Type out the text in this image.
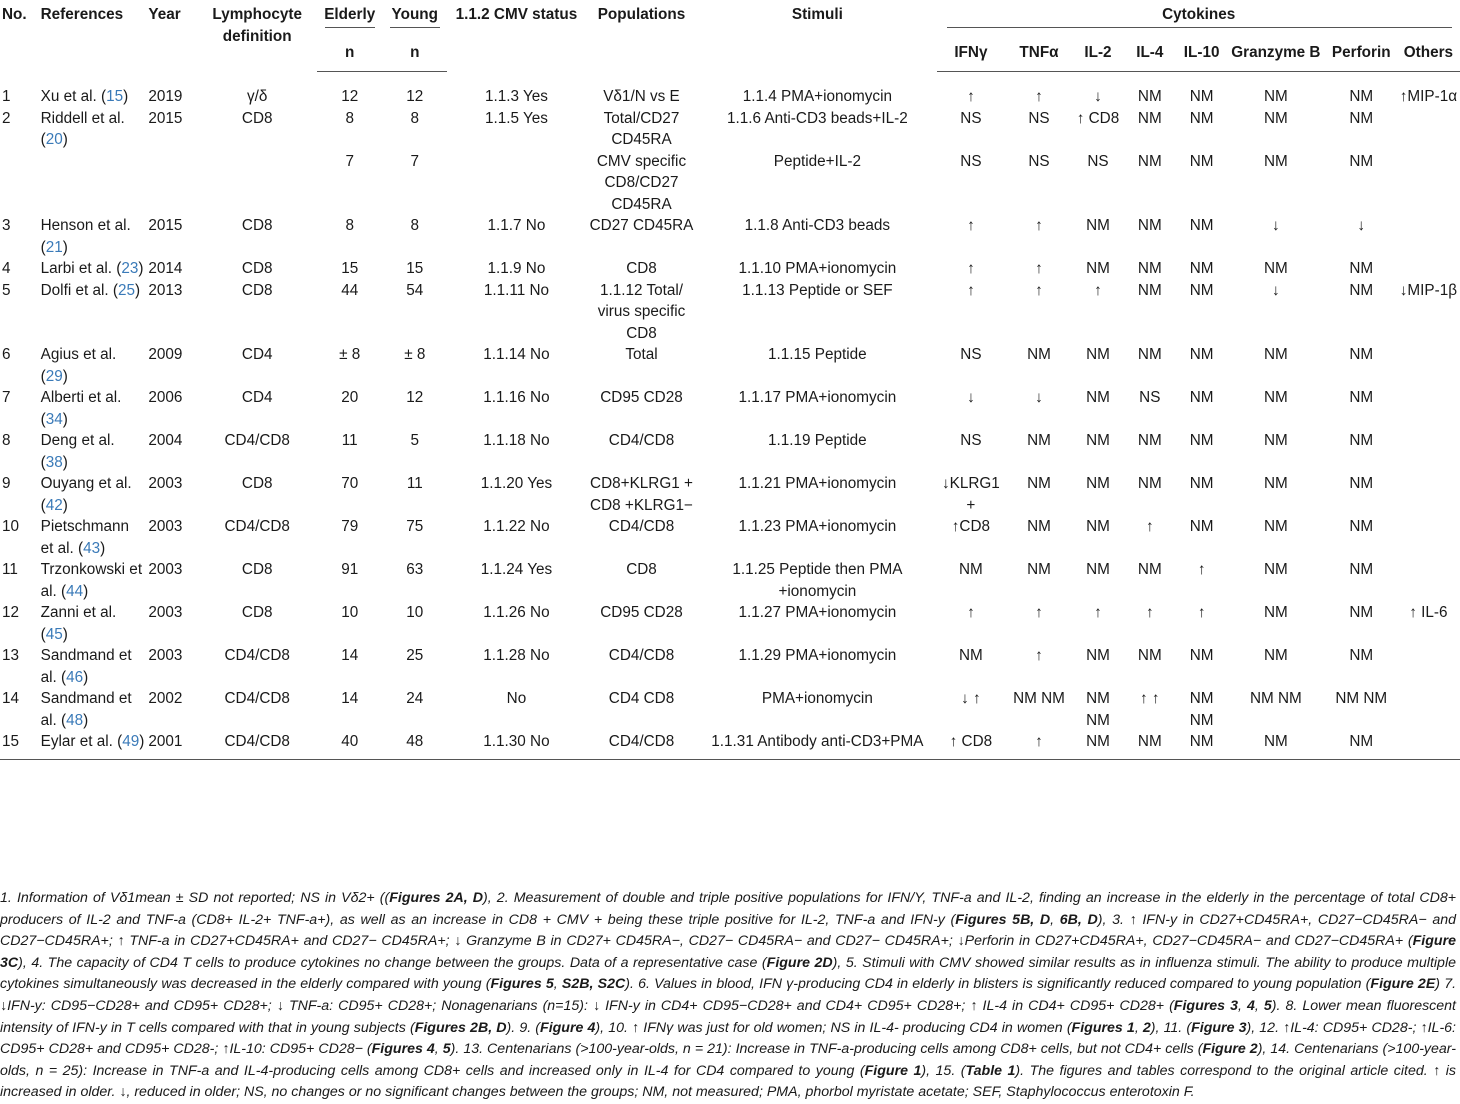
No.	References	Year	Lymphocyte definition	Elderly	Young	1.1.2 CMV status	Populations	Stimuli	Cytokines							

				n	n				IFNγ	TNFα	IL-2	IL-4	IL-10	Granzyme B	Perforin	Others
1	Xu et al. (15)	2019	γ/δ	12	12	1.1.3 Yes	Vδ1/N vs E	1.1.4 PMA+ionomycin	↑	↑	↓	NM	NM	NM	NM	↑MIP-1α
2	Riddell et al. (20)	2015	CD8	8	8	1.1.5 Yes	Total/CD27 CD45RA	1.1.6 Anti-CD3 beads+IL-2	NS	NS	↑ CD8	NM	NM	NM	NM	
				7	7		CMV specific CD8/CD27 CD45RA	Peptide+IL-2	NS	NS	NS	NM	NM	NM	NM	
3	Henson et al. (21)	2015	CD8	8	8	1.1.7 No	CD27 CD45RA	1.1.8 Anti-CD3 beads	↑	↑	NM	NM	NM	↓	↓	
4	Larbi et al. (23)	2014	CD8	15	15	1.1.9 No	CD8	1.1.10 PMA+ionomycin	↑	↑	NM	NM	NM	NM	NM	
5	Dolfi et al. (25)	2013	CD8	44	54	1.1.11 No	1.1.12 Total/ virus specific CD8	1.1.13 Peptide or SEF	↑	↑	↑	NM	NM	↓	NM	↓MIP-1β
6	Agius et al. (29)	2009	CD4	± 8	± 8	1.1.14 No	Total	1.1.15 Peptide	NS	NM	NM	NM	NM	NM	NM	
7	Alberti et al. (34)	2006	CD4	20	12	1.1.16 No	CD95 CD28	1.1.17 PMA+ionomycin	↓	↓	NM	NS	NM	NM	NM	
8	Deng et al. (38)	2004	CD4/CD8	11	5	1.1.18 No	CD4/CD8	1.1.19 Peptide	NS	NM	NM	NM	NM	NM	NM	
9	Ouyang et al. (42)	2003	CD8	70	11	1.1.20 Yes	CD8+KLRG1 + CD8 +KLRG1−	1.1.21 PMA+ionomycin	↓KLRG1 +	NM	NM	NM	NM	NM	NM	
10	Pietschmann et al. (43)	2003	CD4/CD8	79	75	1.1.22 No	CD4/CD8	1.1.23 PMA+ionomycin	↑CD8	NM	NM	↑	NM	NM	NM	
11	Trzonkowski et al. (44)	2003	CD8	91	63	1.1.24 Yes	CD8	1.1.25 Peptide then PMA +ionomycin	NM	NM	NM	NM	↑	NM	NM	
12	Zanni et al. (45)	2003	CD8	10	10	1.1.26 No	CD95 CD28	1.1.27 PMA+ionomycin	↑	↑	↑	↑	↑	NM	NM	↑ IL-6
13	Sandmand et al. (46)	2003	CD4/CD8	14	25	1.1.28 No	CD4/CD8	1.1.29 PMA+ionomycin	NM	↑	NM	NM	NM	NM	NM	
14	Sandmand et al. (48)	2002	CD4/CD8	14	24	No	CD4 CD8	PMA+ionomycin	↓ ↑	NM NM	NM NM	↑ ↑	NM NM	NM NM	NM NM	
15	Eylar et al. (49)	2001	CD4/CD8	40	48	1.1.30 No	CD4/CD8	1.1.31 Antibody anti-CD3+PMA	↑ CD8	↑	NM	NM	NM	NM	NM	
1. Information of Vδ1mean ± SD not reported; NS in Vδ2+ ((Figures 2A, D), 2. Measurement of double and triple positive populations for IFN/Y, TNF-a and IL-2, finding an increase in the elderly in the percentage of total CD8+ producers of IL-2 and TNF-a (CD8+ IL-2+ TNF-a+), as well as an increase in CD8 + CMV + being these triple positive for IL-2, TNF-a and IFN-y (Figures 5B, D, 6B, D), 3. ↑ IFN-y in CD27+CD45RA+, CD27−CD45RA− and CD27−CD45RA+; ↑ TNF-a in CD27+CD45RA+ and CD27− CD45RA+; ↓ Granzyme B in CD27+ CD45RA−, CD27− CD45RA− and CD27− CD45RA+; ↓Perforin in CD27+CD45RA+, CD27−CD45RA− and CD27−CD45RA+ (Figure 3C), 4. The capacity of CD4 T cells to produce cytokines no change between the groups. Data of a representative case (Figure 2D), 5. Stimuli with CMV showed similar results as in influenza stimuli. The ability to produce multiple cytokines simultaneously was decreased in the elderly compared with young (Figures 5, S2B, S2C). 6. Values in blood, IFN γ-producing CD4 in elderly in blisters is significantly reduced compared to young population (Figure 2E) 7. ↓IFN-y: CD95−CD28+ and CD95+ CD28+; ↓ TNF-a: CD95+ CD28+; Nonagenarians (n=15): ↓ IFN-y in CD4+ CD95−CD28+ and CD4+ CD95+ CD28+; ↑ IL-4 in CD4+ CD95+ CD28+ (Figures 3, 4, 5). 8. Lower mean fluorescent intensity of IFN-y in T cells compared with that in young subjects (Figures 2B, D). 9. (Figure 4), 10. ↑ IFNγ was just for old women; NS in IL-4- producing CD4 in women (Figures 1, 2), 11. (Figure 3), 12. ↑IL-4: CD95+ CD28-; ↑IL-6: CD95+ CD28+ and CD95+ CD28-; ↑IL-10: CD95+ CD28− (Figures 4, 5). 13. Centenarians (>100-year-olds, n = 21): Increase in TNF-a-producing cells among CD8+ cells, but not CD4+ cells (Figure 2), 14. Centenarians (>100-year-olds, n = 25): Increase in TNF-a and IL-4-producing cells among CD8+ cells and increased only in IL-4 for CD4 compared to young (Figure 1), 15. (Table 1). The figures and tables correspond to the original article cited. ↑ is increased in older. ↓, reduced in older; NS, no changes or no significant changes between the groups; NM, not measured; PMA, phorbol myristate acetate; SEF, Staphylococcus enterotoxin F.
